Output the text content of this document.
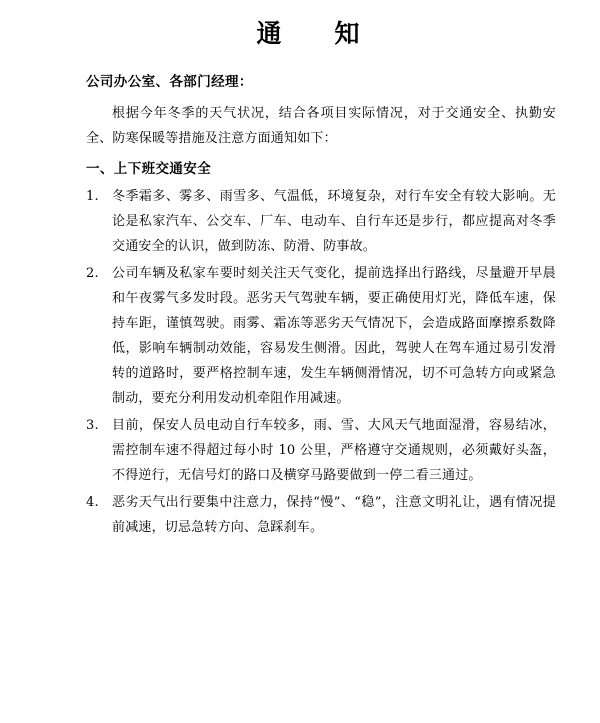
通　知
公司办公室、各部门经理：

根据今年冬季的天气状况，结合各项目实际情况，对于交通安全、执勤安全、防寒保暖等措施及注意方面通知如下：

一、上下班交通安全
1.	冬季霜多、雾多、雨雪多、气温低，环境复杂，对行车安全有较大影响。无论是私家汽车、公交车、厂车、电动车、自行车还是步行，都应提高对冬季交通安全的认识，做到防冻、防滑、防事故。
2.	公司车辆及私家车要时刻关注天气变化，提前选择出行路线，尽量避开早晨和午夜雾气多发时段。恶劣天气驾驶车辆，要正确使用灯光，降低车速，保持车距，谨慎驾驶。雨雾、霜冻等恶劣天气情况下，会造成路面摩擦系数降低，影响车辆制动效能，容易发生侧滑。因此，驾驶人在驾车通过易引发滑转的道路时，要严格控制车速，发生车辆侧滑情况，切不可急转方向或紧急制动，要充分利用发动机牵阻作用减速。
3.	目前，保安人员电动自行车较多，雨、雪、大风天气地面湿滑，容易结冰，需控制车速不得超过每小时 10 公里，严格遵守交通规则，必须戴好头盔，不得逆行，无信号灯的路口及横穿马路要做到一停二看三通过。
4.	恶劣天气出行要集中注意力，保持“慢”、“稳”，注意文明礼让，遇有情况提前减速，切忌急转方向、急踩刹车。
